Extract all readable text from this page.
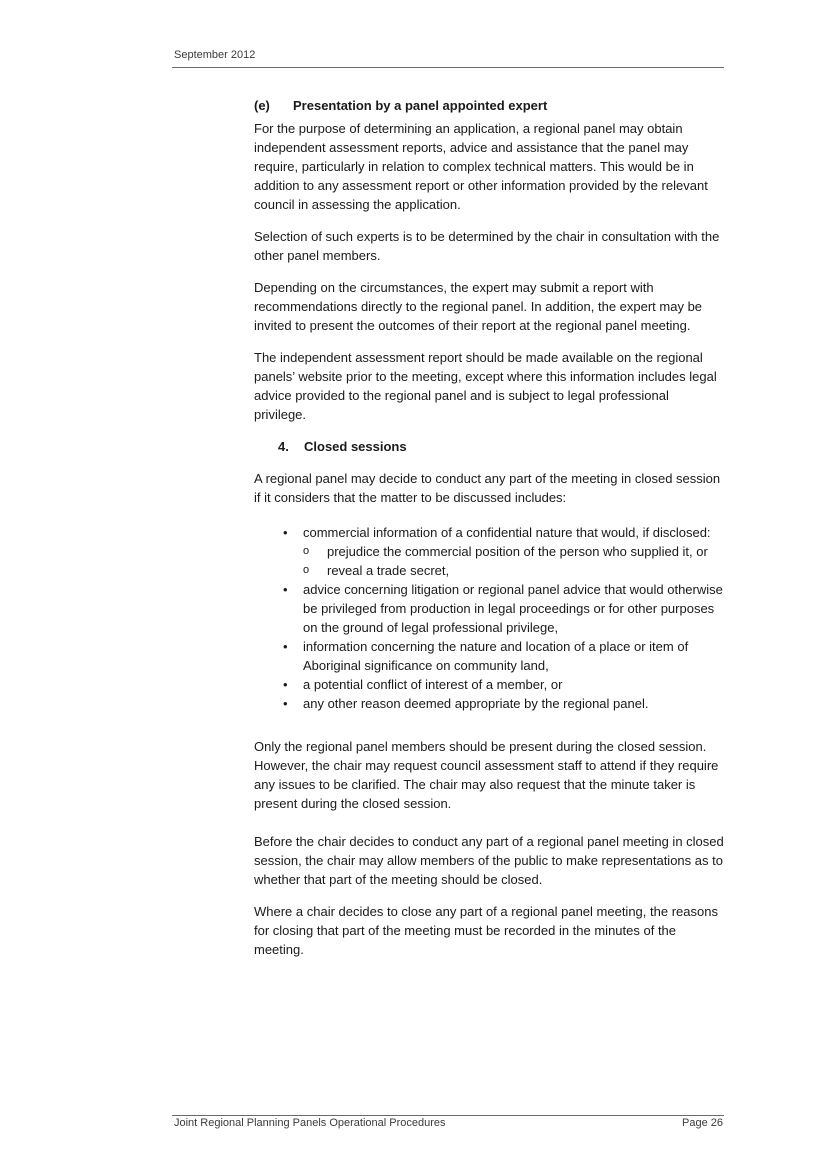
September 2012
(e) Presentation by a panel appointed expert

For the purpose of determining an application, a regional panel may obtain independent assessment reports, advice and assistance that the panel may require, particularly in relation to complex technical matters. This would be in addition to any assessment report or other information provided by the relevant council in assessing the application.

Selection of such experts is to be determined by the chair in consultation with the other panel members.

Depending on the circumstances, the expert may submit a report with recommendations directly to the regional panel. In addition, the expert may be invited to present the outcomes of their report at the regional panel meeting.

The independent assessment report should be made available on the regional panels’ website prior to the meeting, except where this information includes legal advice provided to the regional panel and is subject to legal professional privilege.

4. Closed sessions

A regional panel may decide to conduct any part of the meeting in closed session if it considers that the matter to be discussed includes:

• commercial information of a confidential nature that would, if disclosed:
o prejudice the commercial position of the person who supplied it, or
o reveal a trade secret,
• advice concerning litigation or regional panel advice that would otherwise be privileged from production in legal proceedings or for other purposes on the ground of legal professional privilege,
• information concerning the nature and location of a place or item of Aboriginal significance on community land,
• a potential conflict of interest of a member, or
• any other reason deemed appropriate by the regional panel.

Only the regional panel members should be present during the closed session. However, the chair may request council assessment staff to attend if they require any issues to be clarified. The chair may also request that the minute taker is present during the closed session.

Before the chair decides to conduct any part of a regional panel meeting in closed session, the chair may allow members of the public to make representations as to whether that part of the meeting should be closed.

Where a chair decides to close any part of a regional panel meeting, the reasons for closing that part of the meeting must be recorded in the minutes of the meeting.

Joint Regional Planning Panels Operational Procedures	Page 26
